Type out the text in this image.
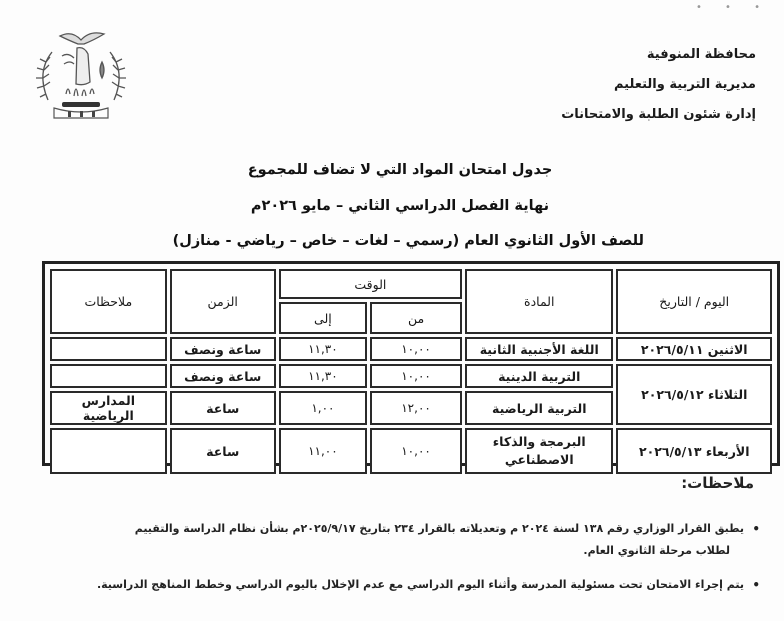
• • •
محافظة المنوفية
مديرية التربية والتعليم
إدارة شئون الطلبة والامتحانات
جدول امتحان المواد التي لا تضاف للمجموع
نهاية الفصل الدراسي الثاني – مايو ٢٠٢٦م
للصف الأول الثانوي العام (رسمي – لغات – خاص – رياضي - منازل)
اليوم / التاريخ	المادة	الوقت		الزمن	ملاحظات
		من	إلى		
الاثنين ٢٠٢٦/٥/١١	اللغة الأجنبية الثانية	١٠,٠٠	١١,٣٠	ساعة ونصف	
الثلاثاء ٢٠٢٦/٥/١٢	التربية الدينية	١٠,٠٠	١١,٣٠	ساعة ونصف	
	التربية الرياضية	١٢,٠٠	١,٠٠	ساعة	المدارس الرياضية
الأربعاء ٢٠٢٦/٥/١٣	البرمجة والذكاء الاصطناعي	١٠,٠٠	١١,٠٠	ساعة	
ملاحظات:
•
يطبق القرار الوزاري رقم ١٣٨ لسنة ٢٠٢٤ م وتعديلاته بالقرار ٢٣٤ بتاريخ ٢٠٢٥/٩/١٧م بشأن نظام الدراسة والتقييم
لطلاب مرحلة الثانوي العام.
•
يتم إجراء الامتحان تحت مسئولية المدرسة وأثناء اليوم الدراسي مع عدم الإخلال باليوم الدراسي وخطط المناهج الدراسية.
